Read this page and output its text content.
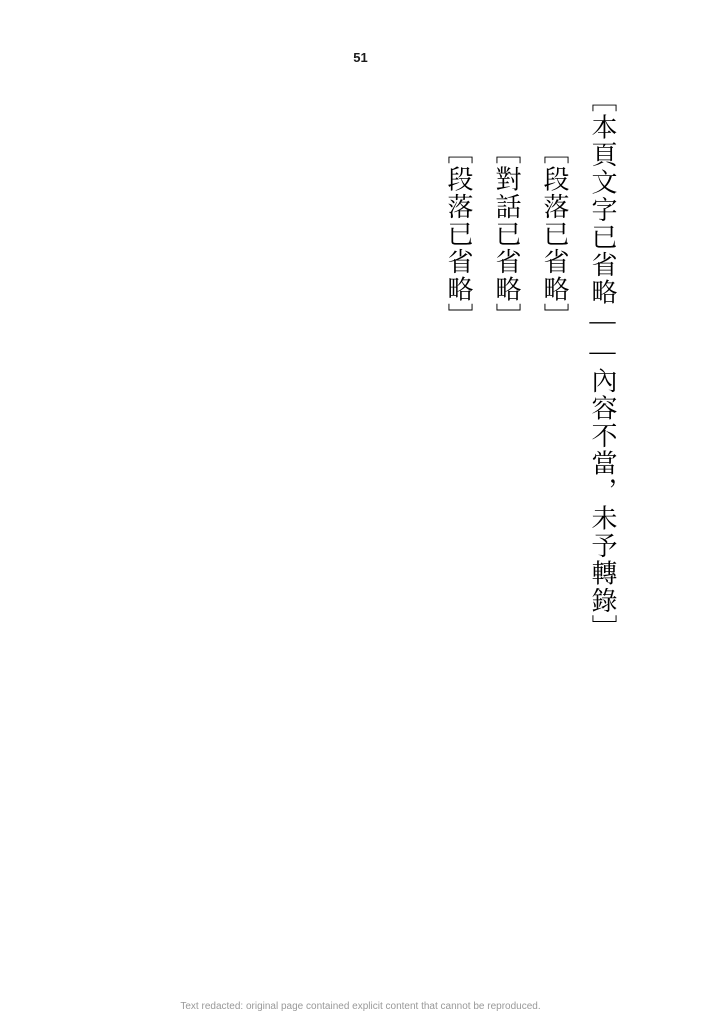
51

［本頁文字已省略——內容不當，未予轉錄］

［段落已省略］

［對話已省略］

［段落已省略］

Text redacted: original page contained explicit content that cannot be reproduced.
